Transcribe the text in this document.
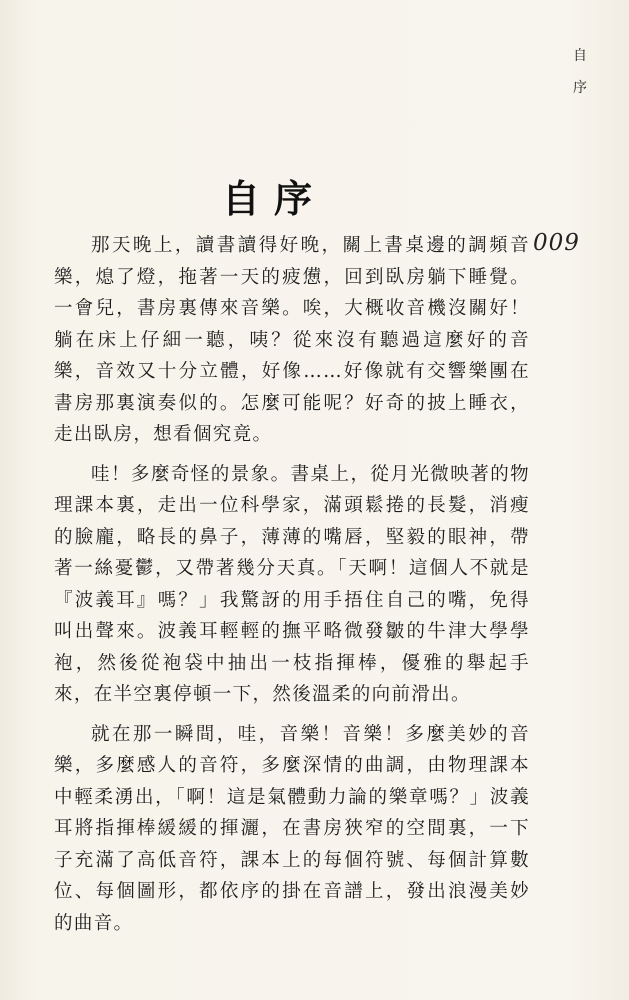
自
序
009
自序

那天晚上，讀書讀得好晚，關上書桌邊的調頻音樂，熄了燈，拖著一天的疲憊，回到臥房躺下睡覺。一會兒，書房裏傳來音樂。唉，大概收音機沒關好！躺在床上仔細一聽，咦？從來沒有聽過這麼好的音樂，音效又十分立體，好像……好像就有交響樂團在書房那裏演奏似的。怎麼可能呢？好奇的披上睡衣，走出臥房，想看個究竟。

哇！多麼奇怪的景象。書桌上，從月光微映著的物理課本裏，走出一位科學家，滿頭鬆捲的長髮，消瘦的臉龐，略長的鼻子，薄薄的嘴唇，堅毅的眼神，帶著一絲憂鬱，又帶著幾分天真。「天啊！這個人不就是『波義耳』嗎？」我驚訝的用手捂住自己的嘴，免得叫出聲來。波義耳輕輕的撫平略微發皺的牛津大學學袍，然後從袍袋中抽出一枝指揮棒，優雅的舉起手來，在半空裏停頓一下，然後溫柔的向前滑出。

就在那一瞬間，哇，音樂！音樂！多麼美妙的音樂，多麼感人的音符，多麼深情的曲調，由物理課本中輕柔湧出，「啊！這是氣體動力論的樂章嗎？」波義耳將指揮棒緩緩的揮灑，在書房狹窄的空間裏，一下子充滿了高低音符，課本上的每個符號、每個計算數位、每個圖形，都依序的掛在音譜上，發出浪漫美妙的曲音。
